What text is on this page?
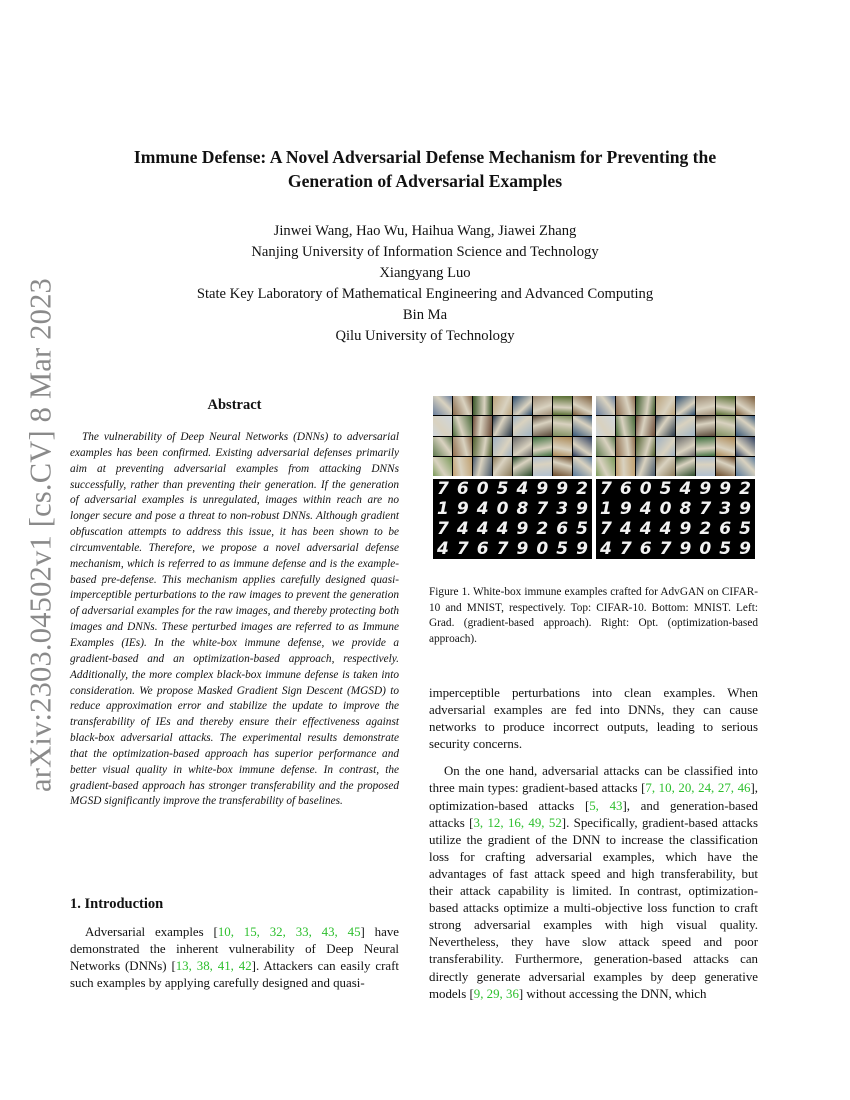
arXiv:2303.04502v1 [cs.CV] 8 Mar 2023
Immune Defense: A Novel Adversarial Defense Mechanism for Preventing the
Generation of Adversarial Examples
Jinwei Wang, Hao Wu, Haihua Wang, Jiawei Zhang
Nanjing University of Information Science and Technology
Xiangyang Luo
State Key Laboratory of Mathematical Engineering and Advanced Computing
Bin Ma
Qilu University of Technology
Abstract
The vulnerability of Deep Neural Networks (DNNs) to adversarial examples has been confirmed. Existing adversarial defenses primarily aim at preventing adversarial examples from attacking DNNs successfully, rather than preventing their generation. If the generation of adversarial examples is unregulated, images within reach are no longer secure and pose a threat to non-robust DNNs. Although gradient obfuscation attempts to address this issue, it has been shown to be circumventable. Therefore, we propose a novel adversarial defense mechanism, which is referred to as immune defense and is the example-based pre-defense. This mechanism applies carefully designed quasi-imperceptible perturbations to the raw images to prevent the generation of adversarial examples for the raw images, and thereby protecting both images and DNNs. These perturbed images are referred to as Immune Examples (IEs). In the white-box immune defense, we provide a gradient-based and an optimization-based approach, respectively. Additionally, the more complex black-box immune defense is taken into consideration. We propose Masked Gradient Sign Descent (MGSD) to reduce approximation error and stabilize the update to improve the transferability of IEs and thereby ensure their effectiveness against black-box adversarial attacks. The experimental results demonstrate that the optimization-based approach has superior performance and better visual quality in white-box immune defense. In contrast, the gradient-based approach has stronger transferability and the proposed MGSD significantly improve the transferability of baselines.
1. Introduction
Adversarial examples [10, 15, 32, 33, 43, 45] have demonstrated the inherent vulnerability of Deep Neural Networks (DNNs) [13, 38, 41, 42]. Attackers can easily craft such examples by applying carefully designed and quasi-
7 6 0 5 4 9 9 2
1 9 4 0 8 7 3 9
7 4 4 4 9 2 6 5
4 7 6 7 9 0 5 9
7 6 0 5 4 9 9 2
1 9 4 0 8 7 3 9
7 4 4 4 9 2 6 5
4 7 6 7 9 0 5 9
Figure 1. White-box immune examples crafted for AdvGAN on CIFAR-10 and MNIST, respectively. Top: CIFAR-10. Bottom: MNIST. Left: Grad. (gradient-based approach). Right: Opt. (optimization-based approach).

imperceptible perturbations into clean examples. When adversarial examples are fed into DNNs, they can cause networks to produce incorrect outputs, leading to serious security concerns.

On the one hand, adversarial attacks can be classified into three main types: gradient-based attacks [7, 10, 20, 24, 27, 46], optimization-based attacks [5, 43], and generation-based attacks [3, 12, 16, 49, 52]. Specifically, gradient-based attacks utilize the gradient of the DNN to increase the classification loss for crafting adversarial examples, which have the advantages of fast attack speed and high transferability, but their attack capability is limited. In contrast, optimization-based attacks optimize a multi-objective loss function to craft strong adversarial examples with high visual quality. Nevertheless, they have slow attack speed and poor transferability. Furthermore, generation-based attacks can directly generate adversarial examples by deep generative models [9, 29, 36] without accessing the DNN, which
